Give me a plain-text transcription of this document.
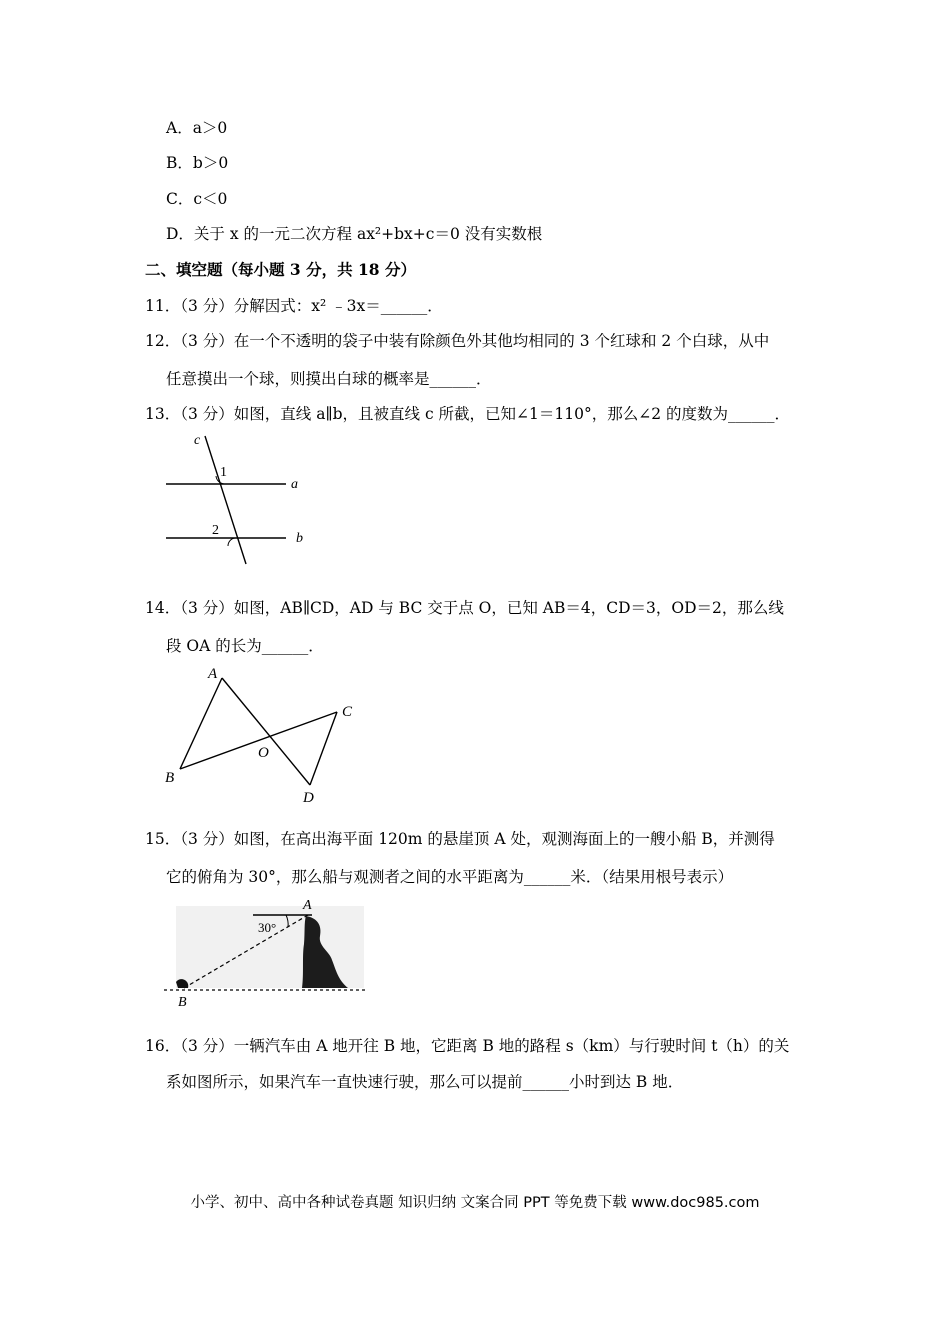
A．a＞0
B．b＞0
C．c＜0
D．关于 x 的一元二次方程 ax²+bx+c＝0 没有实数根
二、填空题（每小题 3 分，共 18 分）
11．（3 分）分解因式：x² ﹣3x＝______．
12．（3 分）在一个不透明的袋子中装有除颜色外其他均相同的 3 个红球和 2 个白球，从中
任意摸出一个球，则摸出白球的概率是______．
13．（3 分）如图，直线 a∥b，且被直线 c 所截，已知∠1＝110°，那么∠2 的度数为______．
c
1
2
a
b
14．（3 分）如图，AB∥CD，AD 与 BC 交于点 O，已知 AB＝4，CD＝3，OD＝2，那么线
段 OA 的长为______．
A
B
C
D
O
15．（3 分）如图，在高出海平面 120m 的悬崖顶 A 处，观测海面上的一艘小船 B，并测得
它的俯角为 30°，那么船与观测者之间的水平距离为______米．（结果用根号表示）
30°
A
B
16．（3 分）一辆汽车由 A 地开往 B 地，它距离 B 地的路程 s（km）与行驶时间 t（h）的关
系如图所示，如果汽车一直快速行驶，那么可以提前______小时到达 B 地．
小学、初中、高中各种试卷真题 知识归纳 文案合同 PPT 等免费下载 www.doc985.com
